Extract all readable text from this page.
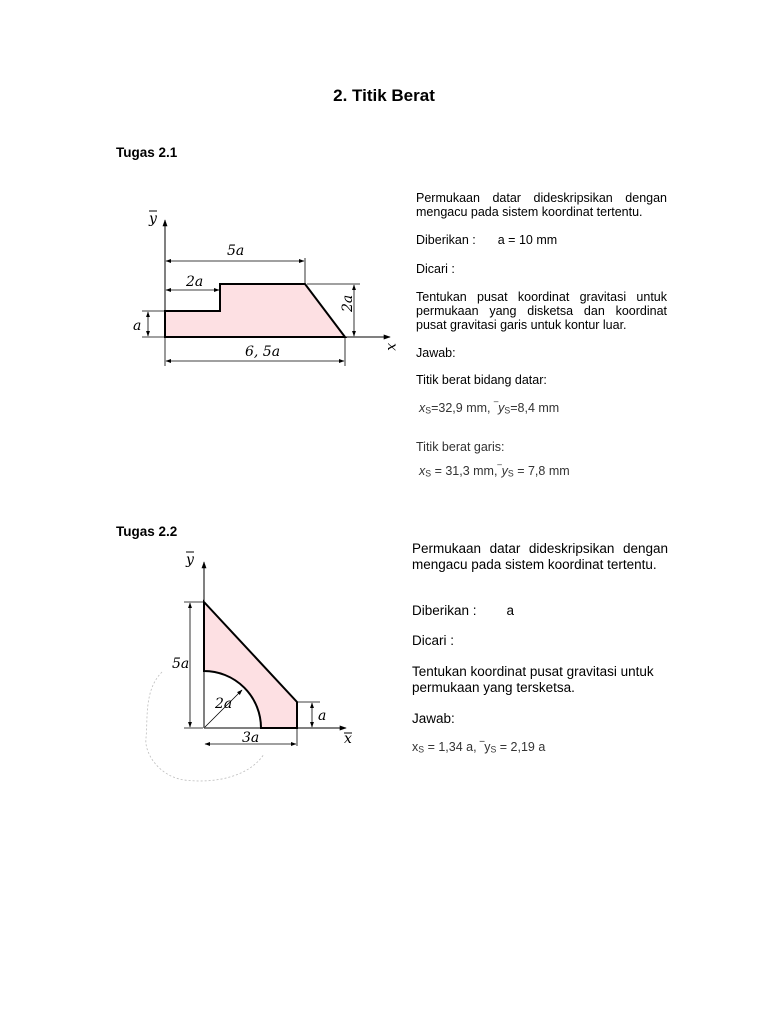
2. Titik Berat
Tugas 2.1
y
x
5a
2a
2a
a
6, 5a
Permukaan datar dideskripsikan dengan mengacu pada sistem koordinat tertentu.
Diberikan : a = 10 mm
Dicari :
Tentukan pusat koordinat gravitasi untuk permukaan yang disketsa dan koordinat pusat gravitasi garis untuk kontur luar.
Jawab:
Titik berat bidang datar:
$x_S=32,9$ mm, $‾y_S=8,4$ mm
Titik berat garis:
$x_S = 31,3$ $mm,‾y_S = 7,8$ mm
Tugas 2.2
y
x
5a
2a
a
3a
Permukaan datar dideskripsikan dengan mengacu pada sistem koordinat tertentu.
Diberikan : a
Dicari :
Tentukan koordinat pusat gravitasi untuk permukaan yang tersketsa.
Jawab:
$x_S = 1,34$ a, $‾y_S = 2,19$ a
